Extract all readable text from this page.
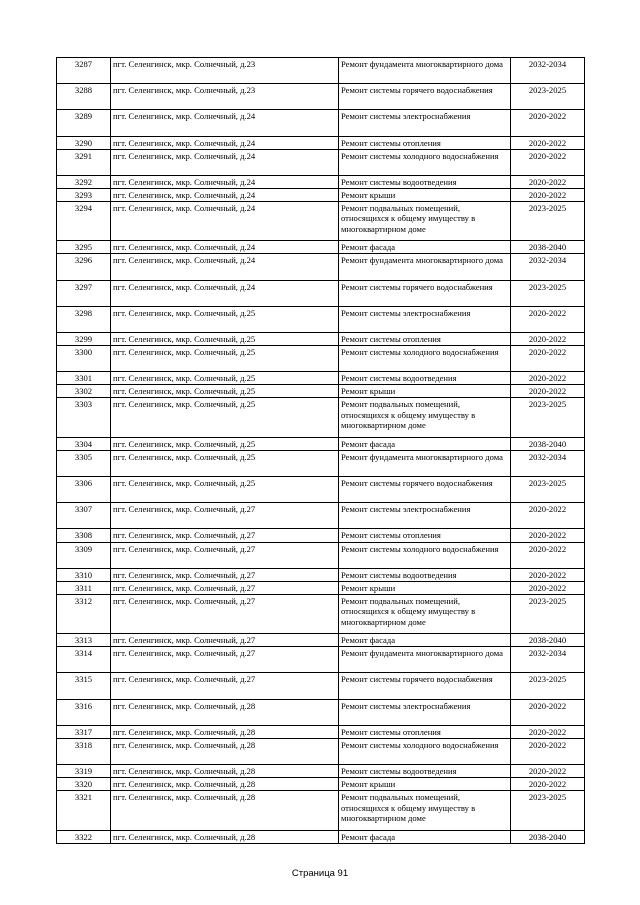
3287	пгт. Селенгинск, мкр. Солнечный, д.23	Ремонт фундамента многоквартирного дома	2032-2034
3288	пгт. Селенгинск, мкр. Солнечный, д.23	Ремонт системы горячего водоснабжения	2023-2025
3289	пгт. Селенгинск, мкр. Солнечный, д.24	Ремонт системы электроснабжения	2020-2022
3290	пгт. Селенгинск, мкр. Солнечный, д.24	Ремонт системы отопления	2020-2022
3291	пгт. Селенгинск, мкр. Солнечный, д.24	Ремонт системы холодного водоснабжения	2020-2022
3292	пгт. Селенгинск, мкр. Солнечный, д.24	Ремонт системы водоотведения	2020-2022
3293	пгт. Селенгинск, мкр. Солнечный, д.24	Ремонт крыши	2020-2022
3294	пгт. Селенгинск, мкр. Солнечный, д.24	Ремонт подвальных помещений, относящихся к общему имуществу в многоквартирном доме	2023-2025
3295	пгт. Селенгинск, мкр. Солнечный, д.24	Ремонт фасада	2038-2040
3296	пгт. Селенгинск, мкр. Солнечный, д.24	Ремонт фундамента многоквартирного дома	2032-2034
3297	пгт. Селенгинск, мкр. Солнечный, д.24	Ремонт системы горячего водоснабжения	2023-2025
3298	пгт. Селенгинск, мкр. Солнечный, д.25	Ремонт системы электроснабжения	2020-2022
3299	пгт. Селенгинск, мкр. Солнечный, д.25	Ремонт системы отопления	2020-2022
3300	пгт. Селенгинск, мкр. Солнечный, д.25	Ремонт системы холодного водоснабжения	2020-2022
3301	пгт. Селенгинск, мкр. Солнечный, д.25	Ремонт системы водоотведения	2020-2022
3302	пгт. Селенгинск, мкр. Солнечный, д.25	Ремонт крыши	2020-2022
3303	пгт. Селенгинск, мкр. Солнечный, д.25	Ремонт подвальных помещений, относящихся к общему имуществу в многоквартирном доме	2023-2025
3304	пгт. Селенгинск, мкр. Солнечный, д.25	Ремонт фасада	2038-2040
3305	пгт. Селенгинск, мкр. Солнечный, д.25	Ремонт фундамента многоквартирного дома	2032-2034
3306	пгт. Селенгинск, мкр. Солнечный, д.25	Ремонт системы горячего водоснабжения	2023-2025
3307	пгт. Селенгинск, мкр. Солнечный, д.27	Ремонт системы электроснабжения	2020-2022
3308	пгт. Селенгинск, мкр. Солнечный, д.27	Ремонт системы отопления	2020-2022
3309	пгт. Селенгинск, мкр. Солнечный, д.27	Ремонт системы холодного водоснабжения	2020-2022
3310	пгт. Селенгинск, мкр. Солнечный, д.27	Ремонт системы водоотведения	2020-2022
3311	пгт. Селенгинск, мкр. Солнечный, д.27	Ремонт крыши	2020-2022
3312	пгт. Селенгинск, мкр. Солнечный, д.27	Ремонт подвальных помещений, относящихся к общему имуществу в многоквартирном доме	2023-2025
3313	пгт. Селенгинск, мкр. Солнечный, д.27	Ремонт фасада	2038-2040
3314	пгт. Селенгинск, мкр. Солнечный, д.27	Ремонт фундамента многоквартирного дома	2032-2034
3315	пгт. Селенгинск, мкр. Солнечный, д.27	Ремонт системы горячего водоснабжения	2023-2025
3316	пгт. Селенгинск, мкр. Солнечный, д.28	Ремонт системы электроснабжения	2020-2022
3317	пгт. Селенгинск, мкр. Солнечный, д.28	Ремонт системы отопления	2020-2022
3318	пгт. Селенгинск, мкр. Солнечный, д.28	Ремонт системы холодного водоснабжения	2020-2022
3319	пгт. Селенгинск, мкр. Солнечный, д.28	Ремонт системы водоотведения	2020-2022
3320	пгт. Селенгинск, мкр. Солнечный, д.28	Ремонт крыши	2020-2022
3321	пгт. Селенгинск, мкр. Солнечный, д.28	Ремонт подвальных помещений, относящихся к общему имуществу в многоквартирном доме	2023-2025
3322	пгт. Селенгинск, мкр. Солнечный, д.28	Ремонт фасада	2038-2040
Страница 91
